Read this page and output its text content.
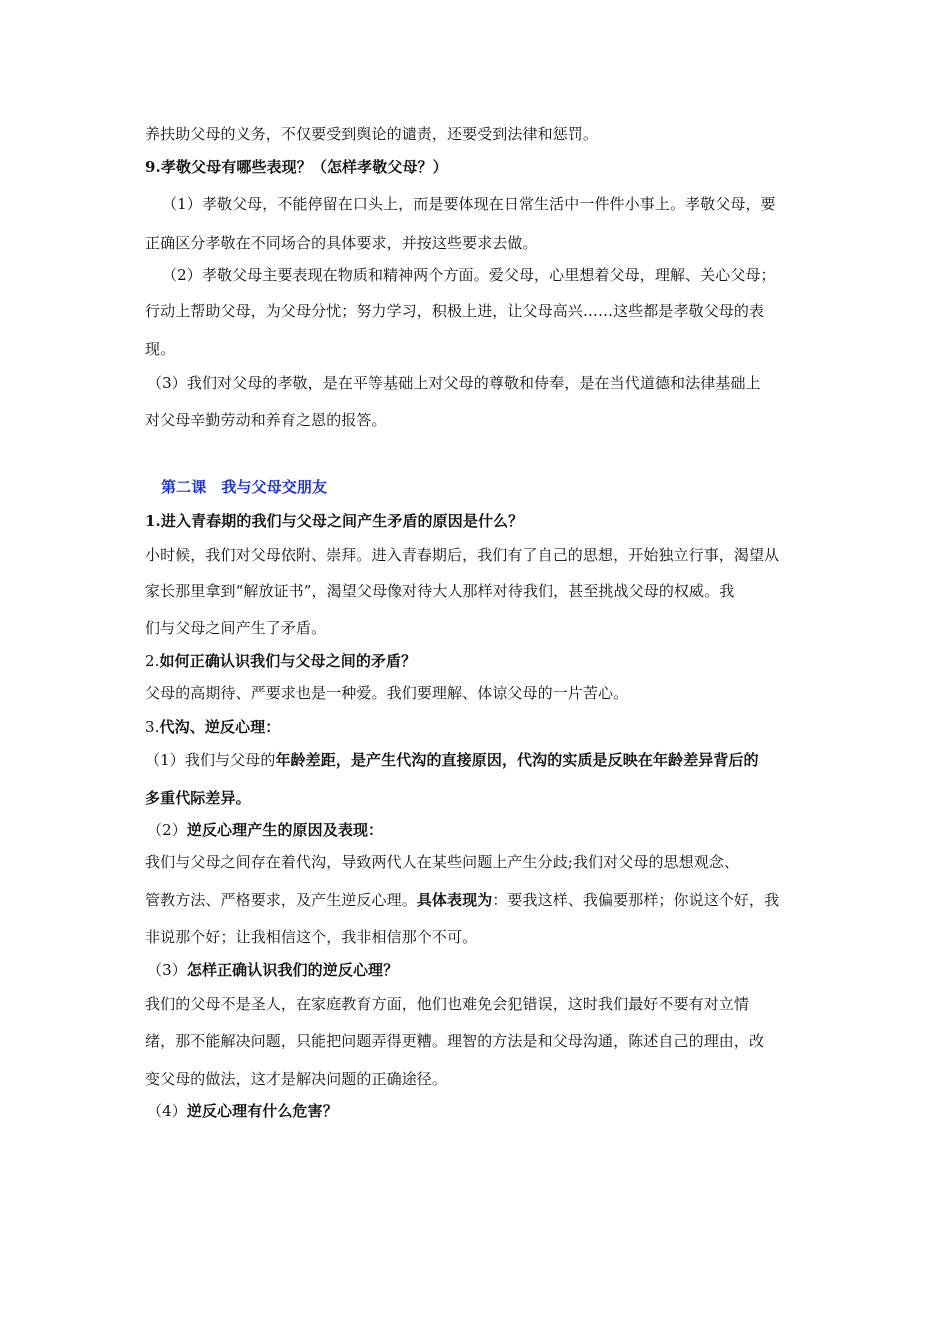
养扶助父母的义务，不仅要受到舆论的谴责，还要受到法律和惩罚。
9.孝敬父母有哪些表现？（怎样孝敬父母？）
（1）孝敬父母，不能停留在口头上，而是要体现在日常生活中一件件小事上。孝敬父母，要
正确区分孝敬在不同场合的具体要求，并按这些要求去做。
（2）孝敬父母主要表现在物质和精神两个方面。爱父母，心里想着父母，理解、关心父母；
行动上帮助父母，为父母分忧；努力学习，积极上进，让父母高兴……这些都是孝敬父母的表
现。
（3）我们对父母的孝敬，是在平等基础上对父母的尊敬和侍奉，是在当代道德和法律基础上
对父母辛勤劳动和养育之恩的报答。
第二课　我与父母交朋友
1.进入青春期的我们与父母之间产生矛盾的原因是什么？
小时候，我们对父母依附、崇拜。进入青春期后，我们有了自己的思想，开始独立行事，渴望从
家长那里拿到“解放证书”，渴望父母像对待大人那样对待我们，甚至挑战父母的权威。我
们与父母之间产生了矛盾。
2.如何正确认识我们与父母之间的矛盾？
父母的高期待、严要求也是一种爱。我们要理解、体谅父母的一片苦心。
3.代沟、逆反心理：
（1）我们与父母的年龄差距，是产生代沟的直接原因，代沟的实质是反映在年龄差异背后的
多重代际差异。
（2）逆反心理产生的原因及表现：
我们与父母之间存在着代沟，导致两代人在某些问题上产生分歧;我们对父母的思想观念、
管教方法、严格要求，及产生逆反心理。具体表现为：要我这样、我偏要那样；你说这个好，我
非说那个好；让我相信这个，我非相信那个不可。
（3）怎样正确认识我们的逆反心理？
我们的父母不是圣人，在家庭教育方面，他们也难免会犯错误，这时我们最好不要有对立情
绪，那不能解决问题，只能把问题弄得更糟。理智的方法是和父母沟通，陈述自己的理由，改
变父母的做法，这才是解决问题的正确途径。
（4）逆反心理有什么危害？
